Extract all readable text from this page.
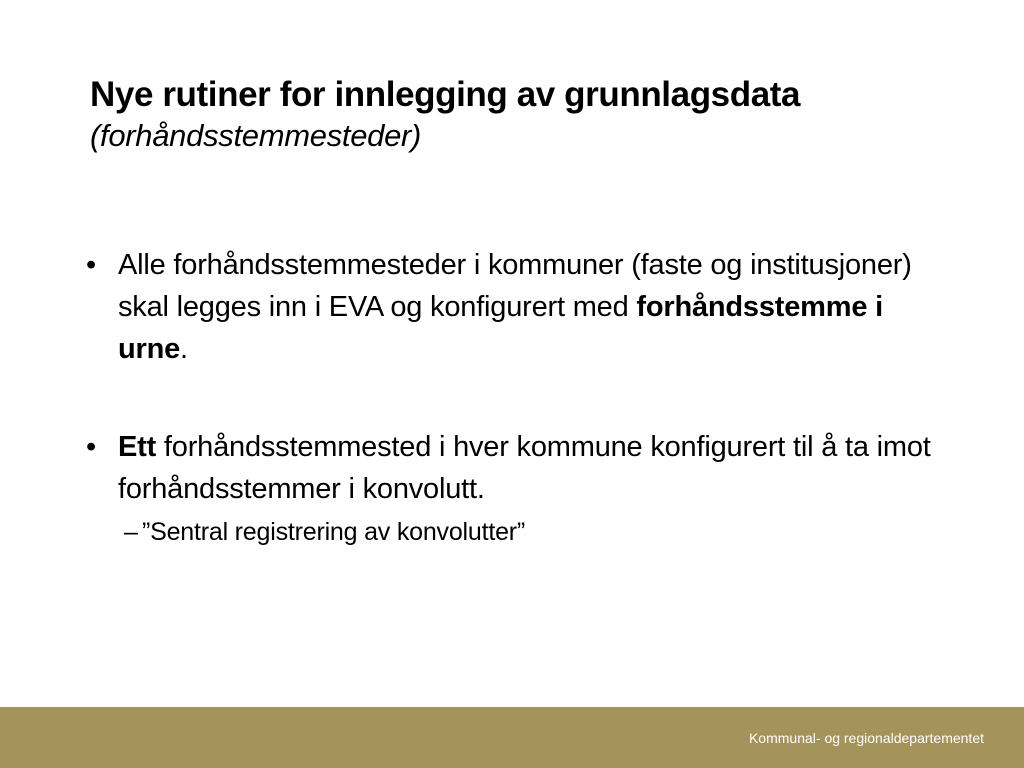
Nye rutiner for innlegging av grunnlagsdata

(forhåndsstemmesteder)

• Alle forhåndsstemmesteder i kommuner (faste og institusjoner) skal legges inn i EVA og konfigurert med forhåndsstemme i urne.
• Ett forhåndsstemmested i hver kommune konfigurert til å ta imot forhåndsstemmer i konvolutt.
– ”Sentral registrering av konvolutter”
Kommunal- og regionaldepartementet
